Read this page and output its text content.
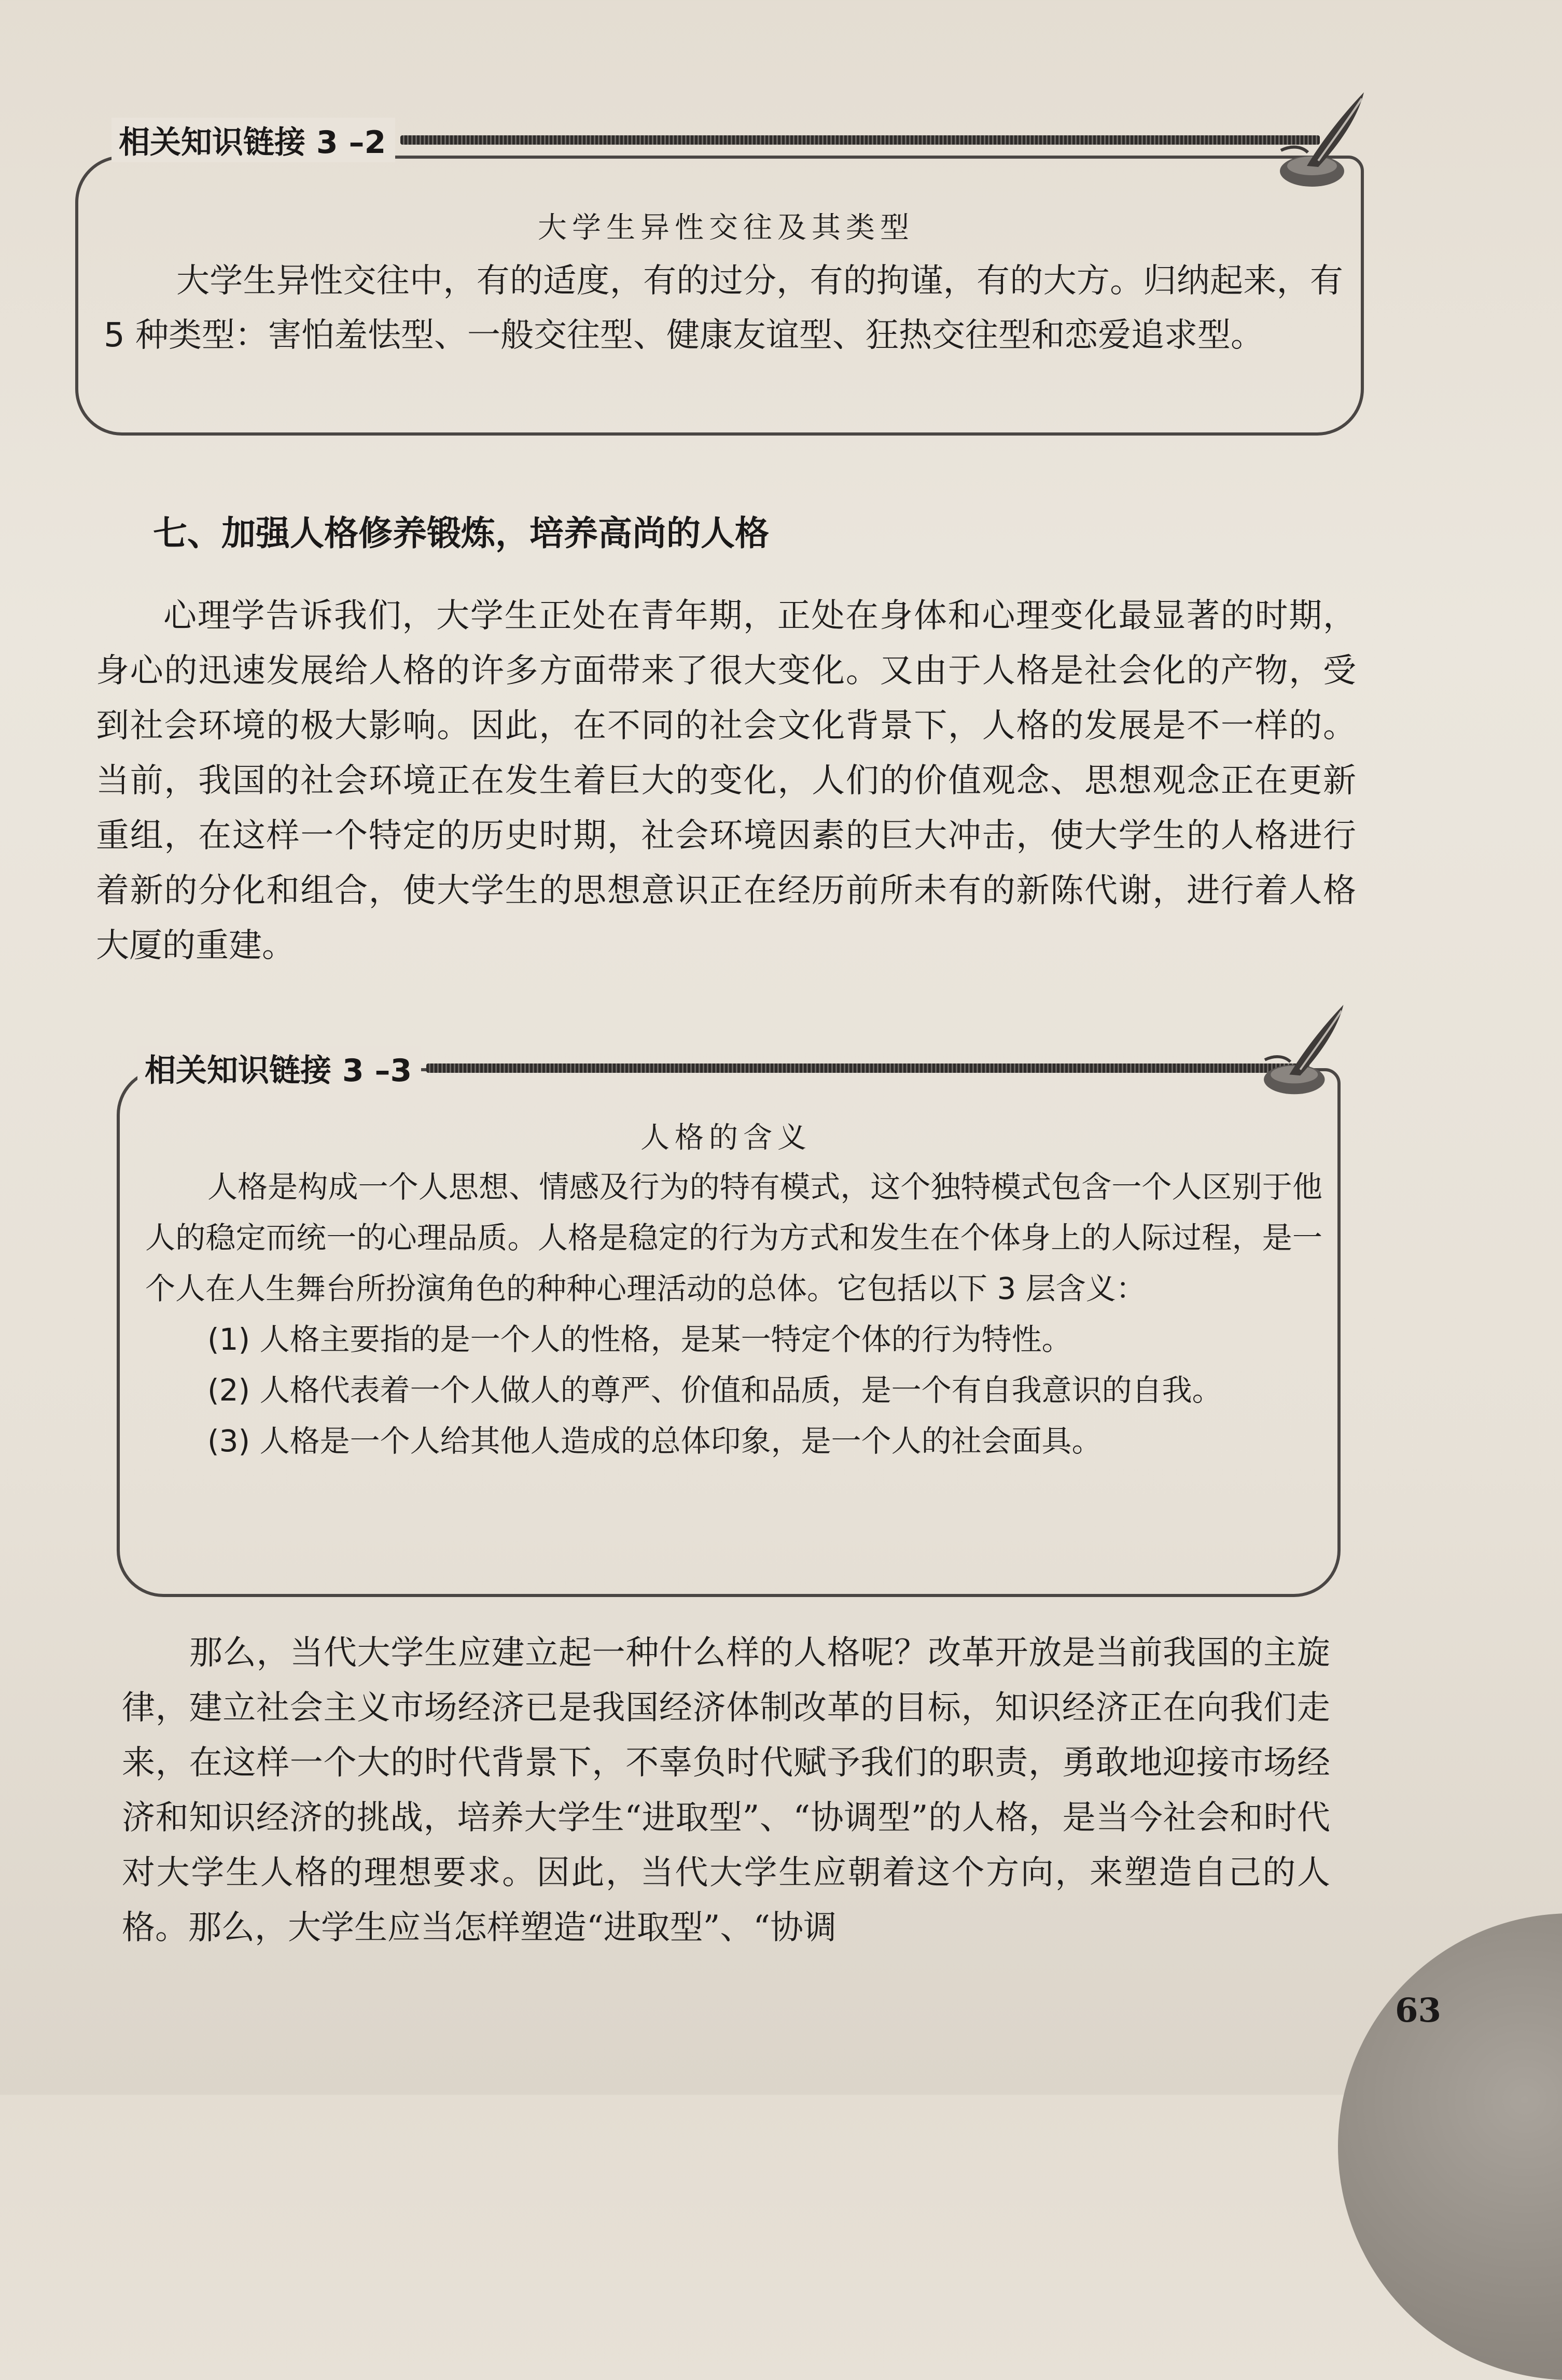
相关知识链接 3 –2
大学生异性交往及其类型
大学生异性交往中，有的适度，有的过分，有的拘谨，有的大方。归纳起来，有 5 种类型：害怕羞怯型、一般交往型、健康友谊型、狂热交往型和恋爱追求型。
七、加强人格修养锻炼，培养高尚的人格
心理学告诉我们，大学生正处在青年期，正处在身体和心理变化最显著的时期，身心的迅速发展给人格的许多方面带来了很大变化。又由于人格是社会化的产物，受到社会环境的极大影响。因此，在不同的社会文化背景下，人格的发展是不一样的。当前，我国的社会环境正在发生着巨大的变化，人们的价值观念、思想观念正在更新重组，在这样一个特定的历史时期，社会环境因素的巨大冲击，使大学生的人格进行着新的分化和组合，使大学生的思想意识正在经历前所未有的新陈代谢，进行着人格大厦的重建。
相关知识链接 3 –3
人格的含义
人格是构成一个人思想、情感及行为的特有模式，这个独特模式包含一个人区别于他人的稳定而统一的心理品质。人格是稳定的行为方式和发生在个体身上的人际过程，是一个人在人生舞台所扮演角色的种种心理活动的总体。它包括以下 3 层含义：
(1) 人格主要指的是一个人的性格，是某一特定个体的行为特性。
(2) 人格代表着一个人做人的尊严、价值和品质，是一个有自我意识的自我。
(3) 人格是一个人给其他人造成的总体印象，是一个人的社会面具。
那么，当代大学生应建立起一种什么样的人格呢？改革开放是当前我国的主旋律，建立社会主义市场经济已是我国经济体制改革的目标，知识经济正在向我们走来，在这样一个大的时代背景下，不辜负时代赋予我们的职责，勇敢地迎接市场经济和知识经济的挑战，培养大学生“进取型”、“协调型”的人格，是当今社会和时代对大学生人格的理想要求。因此，当代大学生应朝着这个方向，来塑造自己的人格。那么，大学生应当怎样塑造“进取型”、“协调
63
